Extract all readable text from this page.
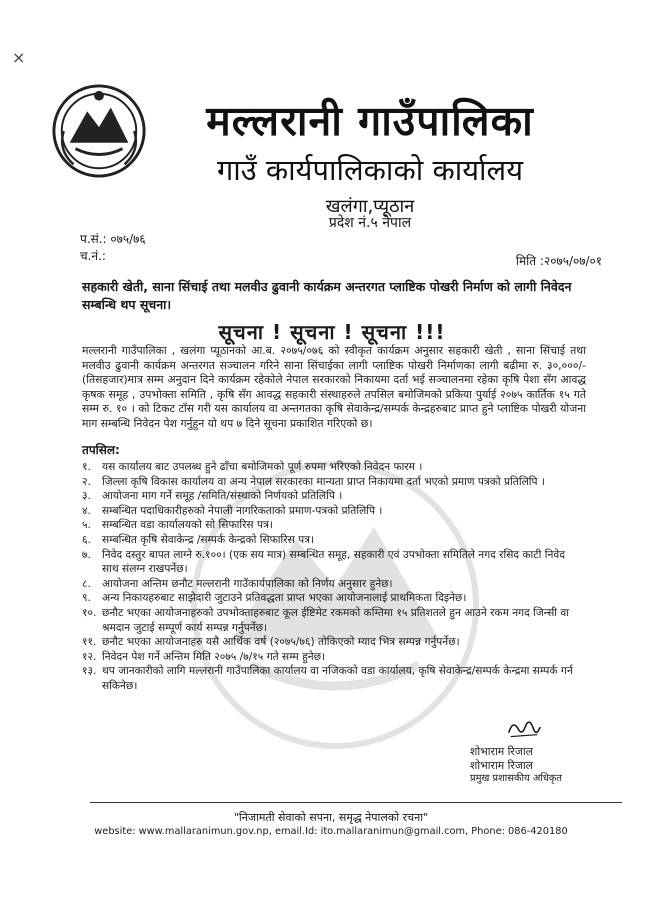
×
मल्लरानी गाउँपालिका
गाउँ कार्यपालिकाको कार्यालय
खलंगा,प्यूठान
प्रदेश नं.५ नेपाल
प.सं.: ०७५/७६
च.नं.:	मिति :२०७५/०७/०१
सहकारी खेती, साना सिंचाई तथा मलवीउ ढुवानी कार्यक्रम अन्तरगत प्लाष्टिक पोखरी निर्माण को लागी निवेदन सम्बन्धि थप सूचना।
सूचना ! सूचना ! सूचना !!!
मल्लरानी गाउँपालिका , खलंगा प्यूठानको आ.ब. २०७५/०७६ को स्वीकृत कार्यक्रम अनुसार सहकारी खेती , साना सिंचाई तथा मलवीउ ढुवानी कार्यक्रम अन्तरगत सञ्चालन गरिने साना सिंचाईका लागी प्लाष्टिक पोखरी निर्माणका लागी बढीमा रु. ३०,०००/- (तिसहजार)मात्र सम्म अनुदान दिने कार्यक्रम रहेकोले नेपाल सरकारको निकायमा दर्ता भई सञ्चालनमा रहेका कृषि पेशा सँग आवद्ध कृषक समूह , उपभोक्ता समिति , कृषि सँग आवद्ध सहकारी संस्थाहरुले तपसिल बमोजिमको प्रकिया पुर्याई २०७५ कार्तिक १५ गते सम्म रु. १० । को टिकट टाँस गरी यस कार्यालय वा अन्तगतका कृषि सेवाकेन्द्र/सम्पर्क केन्द्रहरुबाट प्राप्त हुने प्लाष्टिक पोखरी योजना माग सम्बन्धि निवेदन पेश गर्नुहुन यो थप ७ दिने सूचना प्रकाशित गरिएको छ।
तपसिल:
१. यस कार्यालय बाट उपलब्ध हुने ढाँचा बमोजिमको पूर्ण रुपमा भरिएको निवेदन फारम ।
२. जिल्ला कृषि विकास कार्यालय वा अन्य नेपाल सरकारका मान्यता प्राप्त निकायमा दर्ता भएको प्रमाण पत्रको प्रतिलिपि ।
३. आयोजना माग गर्ने समूह /समिति/संस्थाको निर्णयको प्रतिलिपि ।
४. सम्बन्धित पदाधिकारीहरुको नेपाली नागरिकताको प्रमाण-पत्रको प्रतिलिपि ।
५. सम्बन्धित वडा कार्यालयको सो सिफारिस पत्र।
६. सम्बन्धित कृषि सेवाकेन्द्र /सम्पर्क केन्द्रको सिफारिस पत्र।
७. निवेद दस्तुर बापत लाग्ने रु.१००। (एक सय मात्र) सम्बन्धित समूह, सहकारी एवं उपभोक्ता समितिले नगद रसिद काटी निवेद साथ संलग्न राखपर्नेछ।
८. आयोजना अन्तिम छनौट मल्लरानी गाउँकार्यपालिका को निर्णय अनुसार हुनेछ।
९. अन्य निकायहरुबाट साझेदारी जुटाउने प्रतिवद्धता प्राप्त भएका आयोजनालाई प्राथमिकता दिइनेछ।
१०. छनौट भएका आयोजनाहरुको उपभोक्ताहरुबाट कूल ईष्टिमेट रकमको कम्तिमा १५ प्रतिशतले हुन आउने रकम नगद जिन्सी वा श्रमदान जुटाई सम्पूर्ण कार्य सम्पन्न गर्नुपर्नेछ।
११. छनौट भएका आयोजनाहरु यसै आर्थिक वर्ष (२०७५/७६) तोकिएको म्याद भित्र सम्पन्न गर्नुपर्नेछ।
१२. निवेदन पेश गर्ने अन्तिम मिति २०७५ /७/१५ गते सम्म हुनेछ।
१३. थप जानकारीको लागि मल्लरानी गाउँपालिका कार्यालय वा नजिकको वडा कार्यालय, कृषि सेवाकेन्द्र/सम्पर्क केन्द्रमा सम्पर्क गर्न सकिनेछ।
शोभाराम रिजाल
शोभाराम रिजाल
प्रमुख प्रशासकीय अधिकृत
"निजामती सेवाको सपना, समृद्ध नेपालको रचना"
website: www.mallaranimun.gov.np, email.Id: ito.mallaranimun@gmail.com, Phone: 086-420180
